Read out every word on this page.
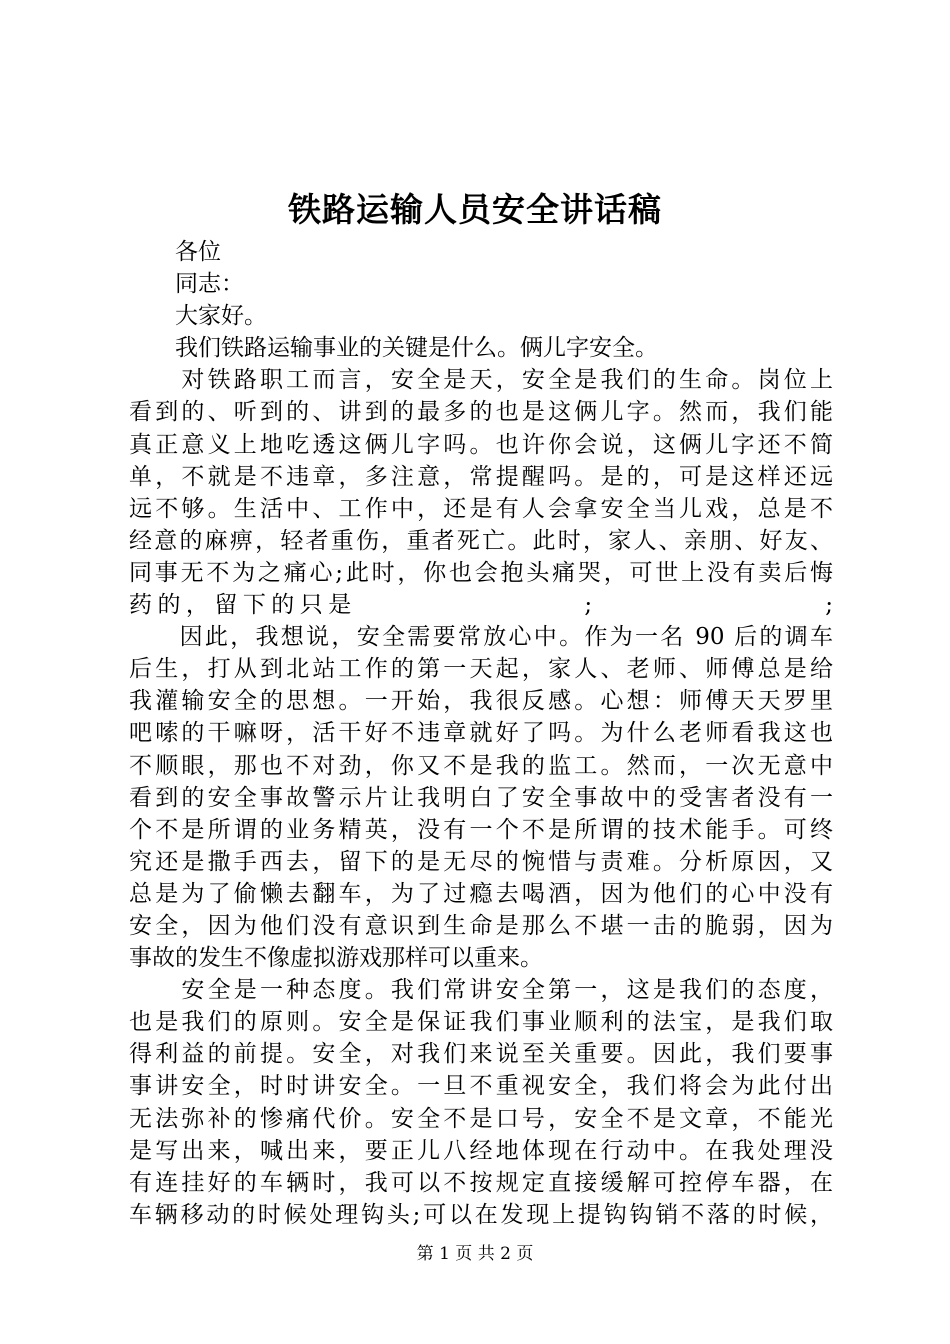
铁路运输人员安全讲话稿
　　各位
　　同志：
　　大家好。
　　我们铁路运输事业的关键是什么。俩儿字安全。
　　对铁路职工而言，安全是天，安全是我们的生命。岗位上
看到的、听到的、讲到的最多的也是这俩儿字。然而，我们能
真正意义上地吃透这俩儿字吗。也许你会说，这俩儿字还不简
单，不就是不违章，多注意，常提醒吗。是的，可是这样还远
远不够。生活中、工作中，还是有人会拿安全当儿戏，总是不
经意的麻痹，轻者重伤，重者死亡。此时，家人、亲朋、好友、
同事无不为之痛心;此时，你也会抱头痛哭，可世上没有卖后悔
药的，留下的只是　　　　　　　　;　　　　　　　　;
　　因此，我想说，安全需要常放心中。作为一名 90 后的调车
后生，打从到北站工作的第一天起，家人、老师、师傅总是给
我灌输安全的思想。一开始，我很反感。心想：师傅天天罗里
吧嗦的干嘛呀，活干好不违章就好了吗。为什么老师看我这也
不顺眼，那也不对劲，你又不是我的监工。然而，一次无意中
看到的安全事故警示片让我明白了安全事故中的受害者没有一
个不是所谓的业务精英，没有一个不是所谓的技术能手。可终
究还是撒手西去，留下的是无尽的惋惜与责难。分析原因，又
总是为了偷懒去翻车，为了过瘾去喝酒，因为他们的心中没有
安全，因为他们没有意识到生命是那么不堪一击的脆弱，因为
事故的发生不像虚拟游戏那样可以重来。
　　安全是一种态度。我们常讲安全第一，这是我们的态度，
也是我们的原则。安全是保证我们事业顺利的法宝，是我们取
得利益的前提。安全，对我们来说至关重要。因此，我们要事
事讲安全，时时讲安全。一旦不重视安全，我们将会为此付出
无法弥补的惨痛代价。安全不是口号，安全不是文章，不能光
是写出来，喊出来，要正儿八经地体现在行动中。在我处理没
有连挂好的车辆时，我可以不按规定直接缓解可控停车器，在
车辆移动的时候处理钩头;可以在发现上提钩钩销不落的时候，
第 1 页 共 2 页
